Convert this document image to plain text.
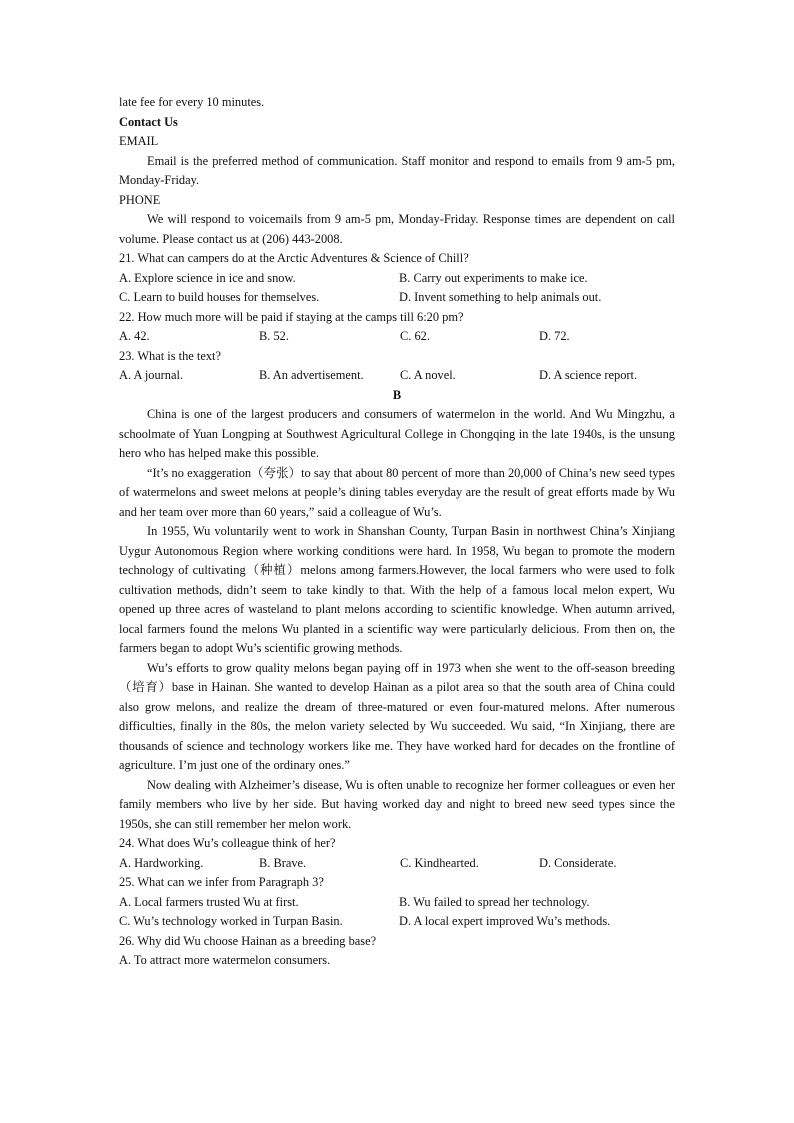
late fee for every 10 minutes.
Contact Us
EMAIL

Email is the preferred method of communication. Staff monitor and respond to emails from 9 am-5 pm, Monday-Friday.

PHONE

We will respond to voicemails from 9 am-5 pm, Monday-Friday. Response times are dependent on call volume. Please contact us at (206) 443-2008.

21. What can campers do at the Arctic Adventures & Science of Chill?
A. Explore science in ice and snow.	B. Carry out experiments to make ice.
C. Learn to build houses for themselves.	D. Invent something to help animals out.
22. How much more will be paid if staying at the camps till 6:20 pm?
A. 42.	B. 52.	C. 62.	D. 72.
23. What is the text?
A. A journal.	B. An advertisement.	C. A novel.	D. A science report.
B

China is one of the largest producers and consumers of watermelon in the world. And Wu Mingzhu, a schoolmate of Yuan Longping at Southwest Agricultural College in Chongqing in the late 1940s, is the unsung hero who has helped make this possible.

“It’s no exaggeration（夸张）to say that about 80 percent of more than 20,000 of China’s new seed types of watermelons and sweet melons at people’s dining tables everyday are the result of great efforts made by Wu and her team over more than 60 years,” said a colleague of Wu’s.

In 1955, Wu voluntarily went to work in Shanshan County, Turpan Basin in northwest China’s Xinjiang Uygur Autonomous Region where working conditions were hard. In 1958, Wu began to promote the modern technology of cultivating（种植）melons among farmers.However, the local farmers who were used to folk cultivation methods, didn’t seem to take kindly to that. With the help of a famous local melon expert, Wu opened up three acres of wasteland to plant melons according to scientific knowledge. When autumn arrived, local farmers found the melons Wu planted in a scientific way were particularly delicious. From then on, the farmers began to adopt Wu’s scientific growing methods.

Wu’s efforts to grow quality melons began paying off in 1973 when she went to the off-season breeding（培育）base in Hainan. She wanted to develop Hainan as a pilot area so that the south area of China could also grow melons, and realize the dream of three-matured or even four-matured melons. After numerous difficulties, finally in the 80s, the melon variety selected by Wu succeeded. Wu said, “In Xinjiang, there are thousands of science and technology workers like me. They have worked hard for decades on the frontline of agriculture. I’m just one of the ordinary ones.”

Now dealing with Alzheimer’s disease, Wu is often unable to recognize her former colleagues or even her family members who live by her side. But having worked day and night to breed new seed types since the 1950s, she can still remember her melon work.

24. What does Wu’s colleague think of her?
A. Hardworking.	B. Brave.	C. Kindhearted.	D. Considerate.
25. What can we infer from Paragraph 3?
A. Local farmers trusted Wu at first.	B. Wu failed to spread her technology.
C. Wu’s technology worked in Turpan Basin.	D. A local expert improved Wu’s methods.
26. Why did Wu choose Hainan as a breeding base?
A. To attract more watermelon consumers.
